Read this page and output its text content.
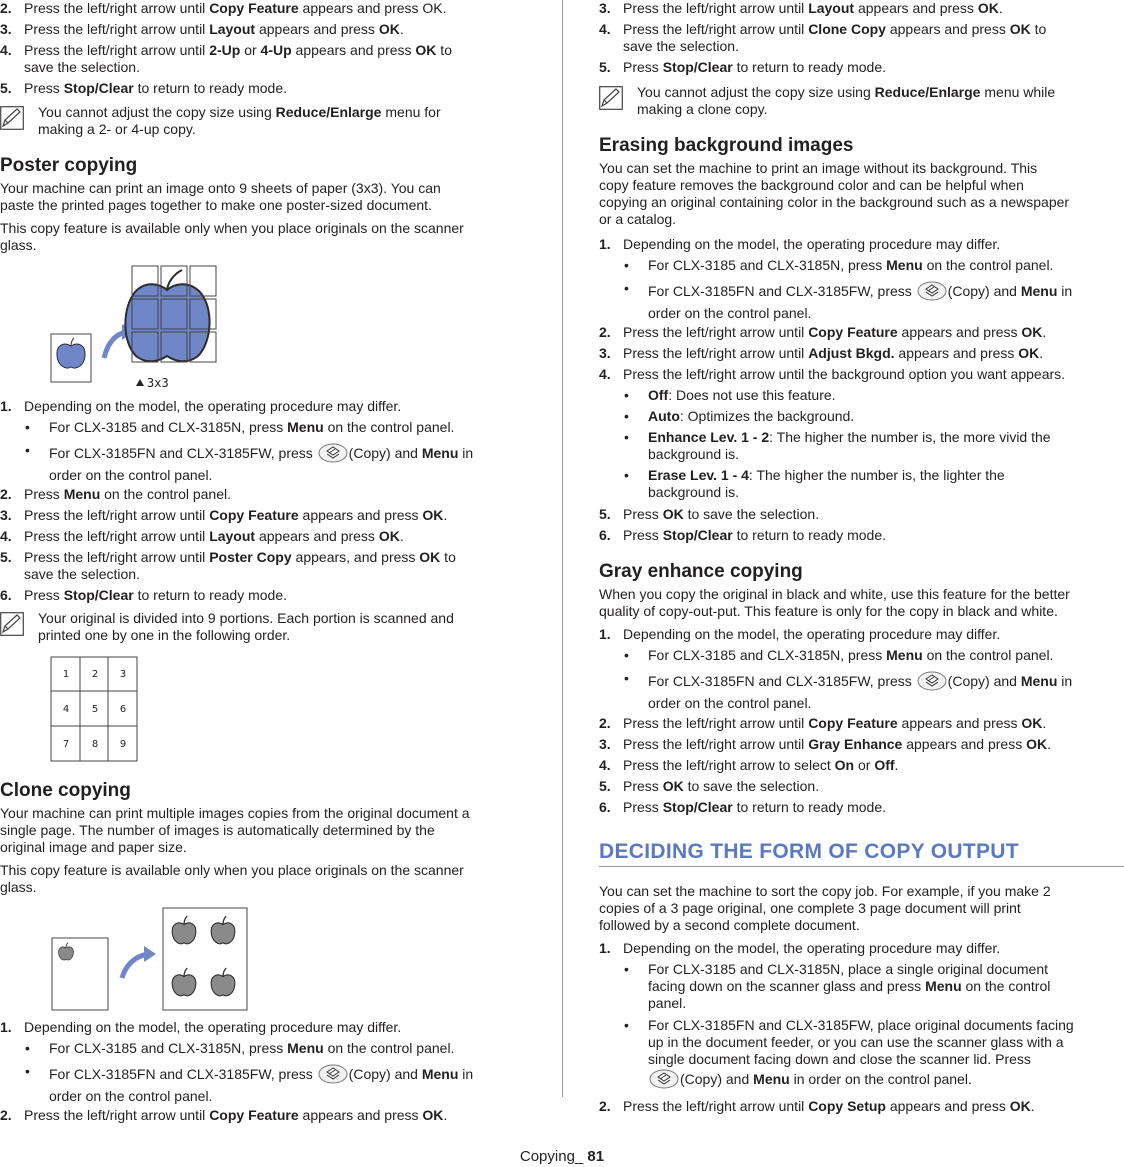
2. Press the left/right arrow until Copy Feature appears and press OK.
3. Press the left/right arrow until Layout appears and press OK.
4. Press the left/right arrow until 2-Up or 4-Up appears and press OK to
save the selection.
5. Press Stop/Clear to return to ready mode.
You cannot adjust the copy size using Reduce/Enlarge menu for
making a 2- or 4-up copy.
Poster copying
Your machine can print an image onto 9 sheets of paper (3x3). You can
paste the printed pages together to make one poster-sized document.
This copy feature is available only when you place originals on the scanner
glass.
3x3
1. Depending on the model, the operating procedure may differ.
• For CLX-3185 and CLX-3185N, press Menu on the control panel.
• For CLX-3185FN and CLX-3185FW, press (Copy) and Menu in
order on the control panel.
2. Press Menu on the control panel.
3. Press the left/right arrow until Copy Feature appears and press OK.
4. Press the left/right arrow until Layout appears and press OK.
5. Press the left/right arrow until Poster Copy appears, and press OK to
save the selection.
6. Press Stop/Clear to return to ready mode.
Your original is divided into 9 portions. Each portion is scanned and
printed one by one in the following order.
1 2 3
4 5 6
7 8 9
Clone copying
Your machine can print multiple images copies from the original document a
single page. The number of images is automatically determined by the
original image and paper size.
This copy feature is available only when you place originals on the scanner
glass.
1. Depending on the model, the operating procedure may differ.
• For CLX-3185 and CLX-3185N, press Menu on the control panel.
• For CLX-3185FN and CLX-3185FW, press (Copy) and Menu in
order on the control panel.
2. Press the left/right arrow until Copy Feature appears and press OK.
3. Press the left/right arrow until Layout appears and press OK.
4. Press the left/right arrow until Clone Copy appears and press OK to
save the selection.
5. Press Stop/Clear to return to ready mode.
You cannot adjust the copy size using Reduce/Enlarge menu while
making a clone copy.
Erasing background images
You can set the machine to print an image without its background. This
copy feature removes the background color and can be helpful when
copying an original containing color in the background such as a newspaper
or a catalog.
1. Depending on the model, the operating procedure may differ.
• For CLX-3185 and CLX-3185N, press Menu on the control panel.
• For CLX-3185FN and CLX-3185FW, press (Copy) and Menu in
order on the control panel.
2. Press the left/right arrow until Copy Feature appears and press OK.
3. Press the left/right arrow until Adjust Bkgd. appears and press OK.
4. Press the left/right arrow until the background option you want appears.
• Off: Does not use this feature.
• Auto: Optimizes the background.
• Enhance Lev. 1 - 2: The higher the number is, the more vivid the
background is.
• Erase Lev. 1 - 4: The higher the number is, the lighter the
background is.
5. Press OK to save the selection.
6. Press Stop/Clear to return to ready mode.
Gray enhance copying
When you copy the original in black and white, use this feature for the better
quality of copy-out-put. This feature is only for the copy in black and white.
1. Depending on the model, the operating procedure may differ.
• For CLX-3185 and CLX-3185N, press Menu on the control panel.
• For CLX-3185FN and CLX-3185FW, press (Copy) and Menu in
order on the control panel.
2. Press the left/right arrow until Copy Feature appears and press OK.
3. Press the left/right arrow until Gray Enhance appears and press OK.
4. Press the left/right arrow to select On or Off.
5. Press OK to save the selection.
6. Press Stop/Clear to return to ready mode.
DECIDING THE FORM OF COPY OUTPUT
You can set the machine to sort the copy job. For example, if you make 2
copies of a 3 page original, one complete 3 page document will print
followed by a second complete document.
1. Depending on the model, the operating procedure may differ.
• For CLX-3185 and CLX-3185N, place a single original document
facing down on the scanner glass and press Menu on the control
panel.
• For CLX-3185FN and CLX-3185FW, place original documents facing
up in the document feeder, or you can use the scanner glass with a
single document facing down and close the scanner lid. Press
(Copy) and Menu in order on the control panel.
2. Press the left/right arrow until Copy Setup appears and press OK.
Copying_ 81
